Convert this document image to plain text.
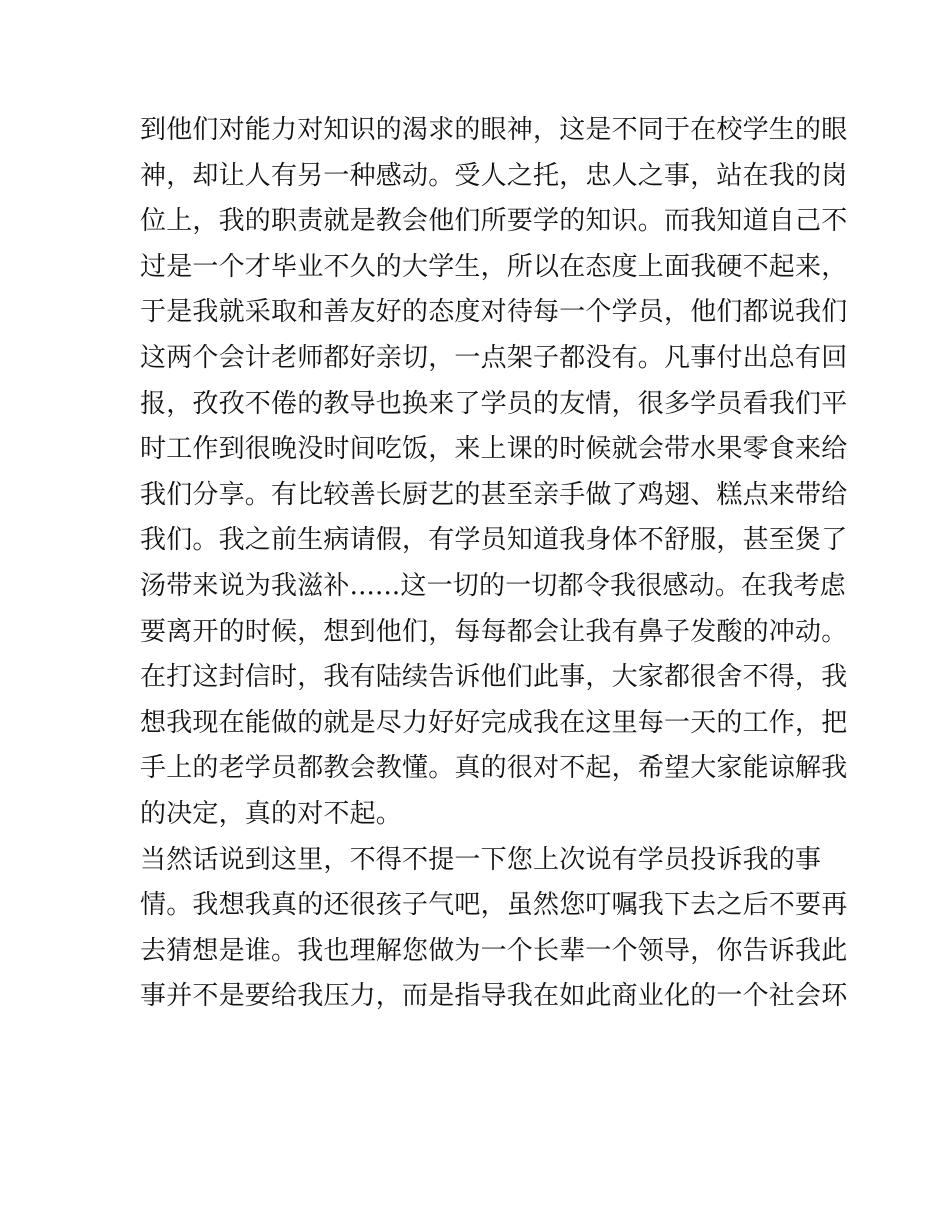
到他们对能力对知识的渴求的眼神，这是不同于在校学生的眼
神，却让人有另一种感动。受人之托，忠人之事，站在我的岗
位上，我的职责就是教会他们所要学的知识。而我知道自己不
过是一个才毕业不久的大学生，所以在态度上面我硬不起来，
于是我就采取和善友好的态度对待每一个学员，他们都说我们
这两个会计老师都好亲切，一点架子都没有。凡事付出总有回
报，孜孜不倦的教导也换来了学员的友情，很多学员看我们平
时工作到很晚没时间吃饭，来上课的时候就会带水果零食来给
我们分享。有比较善长厨艺的甚至亲手做了鸡翅、糕点来带给
我们。我之前生病请假，有学员知道我身体不舒服，甚至煲了
汤带来说为我滋补......这一切的一切都令我很感动。在我考虑
要离开的时候，想到他们，每每都会让我有鼻子发酸的冲动。
在打这封信时，我有陆续告诉他们此事，大家都很舍不得，我
想我现在能做的就是尽力好好完成我在这里每一天的工作，把
手上的老学员都教会教懂。真的很对不起，希望大家能谅解我
的决定，真的对不起。
当然话说到这里，不得不提一下您上次说有学员投诉我的事
情。我想我真的还很孩子气吧，虽然您叮嘱我下去之后不要再
去猜想是谁。我也理解您做为一个长辈一个领导，你告诉我此
事并不是要给我压力，而是指导我在如此商业化的一个社会环
